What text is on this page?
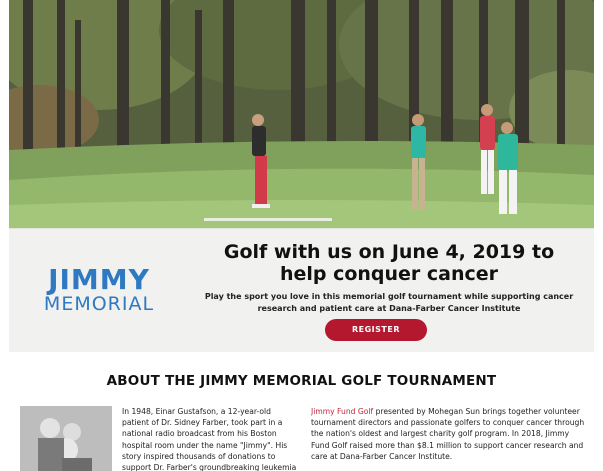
JIMMY
MEMORIAL
Golf with us on June 4, 2019 to help conquer cancer
Play the sport you love in this memorial golf tournament while supporting cancer research and patient care at Dana-Farber Cancer Institute
REGISTER
ABOUT THE JIMMY MEMORIAL GOLF TOURNAMENT
In 1948, Einar Gustafson, a 12-year-old patient of Dr. Sidney Farber, took part in a national radio broadcast from his Boston hospital room under the name "Jimmy". His story inspired thousands of donations to support Dr. Farber's groundbreaking leukemia
Jimmy Fund Golf presented by Mohegan Sun brings together volunteer tournament directors and passionate golfers to conquer cancer through the nation's oldest and largest charity golf program. In 2018, Jimmy Fund Golf raised more than $8.1 million to support cancer research and care at Dana-Farber Cancer Institute.
